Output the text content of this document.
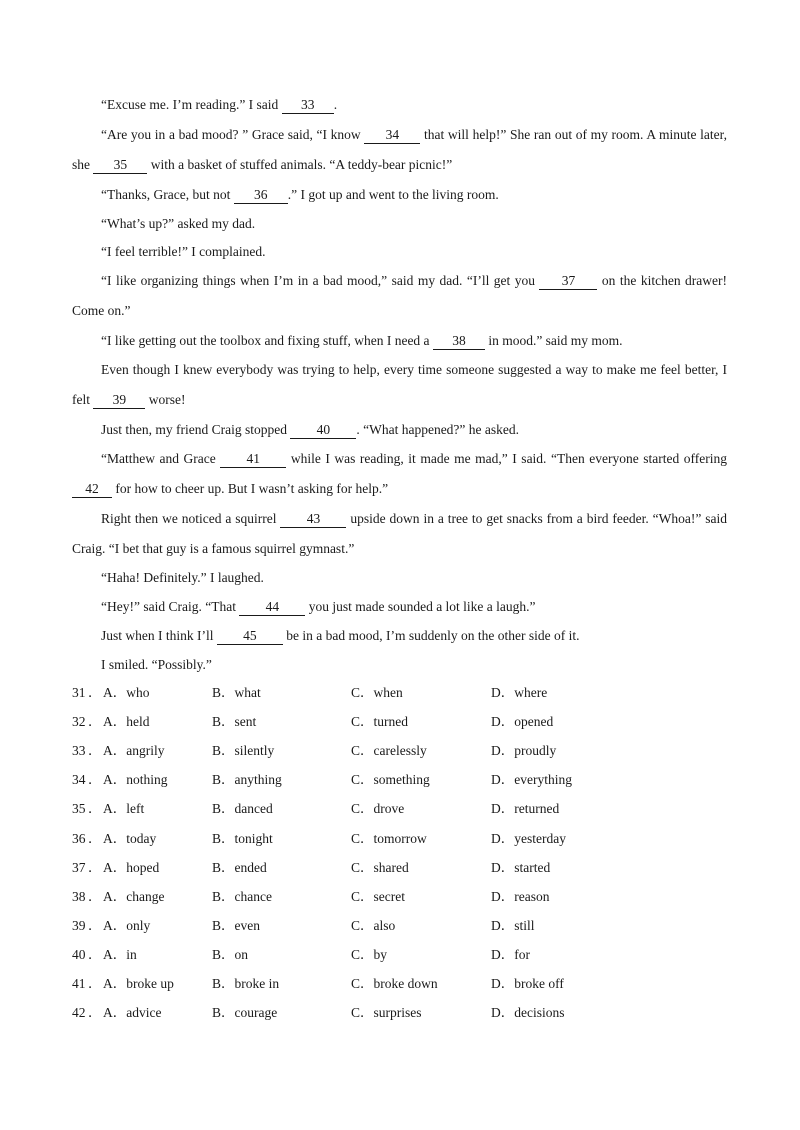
“Excuse me. I’m reading.” I said 33 .
“Are you in a bad mood? ” Grace said, “I know 34 that will help!” She ran out of my room. A minute later, she 35 with a basket of stuffed animals. “A teddy-bear picnic!”
“Thanks, Grace, but not 36 .” I got up and went to the living room.
“What’s up?” asked my dad.
“I feel terrible!” I complained.
“I like organizing things when I’m in a bad mood,” said my dad. “I’ll get you 37 on the kitchen drawer! Come on.”
“I like getting out the toolbox and fixing stuff, when I need a 38 in mood.” said my mom.
Even though I knew everybody was trying to help, every time someone suggested a way to make me feel better, I felt 39 worse!
Just then, my friend Craig stopped 40 . “What happened?” he asked.
“Matthew and Grace 41 while I was reading, it made me mad,” I said. “Then everyone started offering 42 for how to cheer up. But I wasn’t asking for help.”
Right then we noticed a squirrel 43 upside down in a tree to get snacks from a bird feeder. “Whoa!” said Craig. “I bet that guy is a famous squirrel gymnast.”
“Haha! Definitely.” I laughed.
“Hey!” said Craig. “That 44 you just made sounded a lot like a laugh.”
Just when I think I’ll 45 be in a bad mood, I’m suddenly on the other side of it.
I smiled. “Possibly.”
31 ． A．who	B．what	C．when	D．where
32 ． A．held	B．sent	C．turned	D．opened
33 ． A．angrily	B．silently	C．carelessly	D．proudly
34 ． A．nothing	B．anything	C．something	D．everything
35 ． A．left	B．danced	C．drove	D．returned
36 ． A．today	B．tonight	C．tomorrow	D．yesterday
37 ． A．hoped	B．ended	C．shared	D．started
38 ． A．change	B．chance	C．secret	D．reason
39 ． A．only	B．even	C．also	D．still
40 ． A．in	B．on	C．by	D．for
41 ． A．broke up	B．broke in	C．broke down	D．broke off
42 ． A．advice	B．courage	C．surprises	D．decisions
